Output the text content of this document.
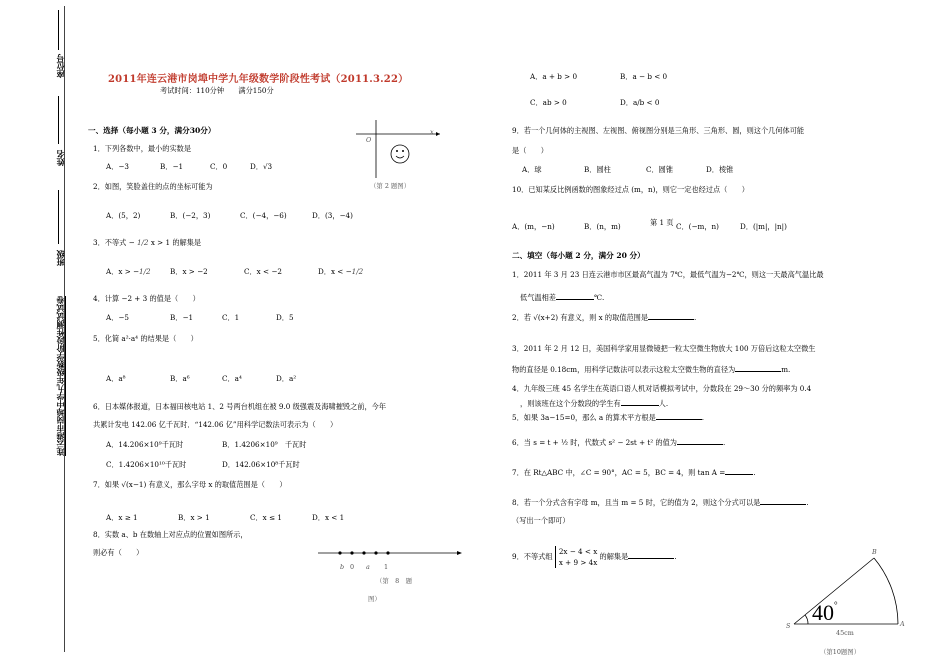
座位号
姓名
班级
连云港市岗埠中学九年级数学阶段性测试试卷
2011年连云港市岗埠中学九年级数学阶段性考试（2011.3.22）
考试时间：110分钟　　满分150分
一、选择（每小题 3 分，满分30分）
1．下列各数中，最小的实数是
A．−3	B．−1	C．0	D．√3
2．如图，笑脸盖住的点的坐标可能为
A．(5，2)	B．(−2，3)	C．(−4，−6)	D．(3，−4)
3．不等式 − 1/2 x > 1 的解集是
A．x > −1/2	B．x > −2	C．x < −2	D．x < −1/2
4．计算 −2 + 3 的值是（　　）
A．−5	B．−1	C．1	D．5
5．化简 a²·a⁴ 的结果是（　　）
A．a⁸	B．a⁶	C．a⁴	D．a²
6．日本媒体报道，日本福田核电站 1、2 号两台机组在被 9.0 级强震及海啸摧毁之前，今年
共累计发电 142.06 亿千瓦时．“142.06 亿”用科学记数法可表示为（　　）
A．14.206×10⁹千瓦时	B．1.4206×10⁹　千瓦时
C．1.4206×10¹⁰千瓦时	D．142.06×10⁸千瓦时
7．如果 √(x−1) 有意义，那么字母 x 的取值范围是（　　）
A．x ≥ 1	B．x > 1	C．x ≤ 1	D．x < 1
8．实数 a、b 在数轴上对应点的位置如图所示，
则必有（　　）
x
O
（第 2 题图）
b 0 a 1
（第　8　题
图）
A．a + b > 0	B．a − b < 0
C．ab > 0	D．a/b < 0
9．若一个几何体的主视图、左视图、俯视图分别是三角形、三角形、圆，则这个几何体可能
是（　　）
A．球	B．圆柱	C．圆锥	D．棱锥
10．已知某反比例函数的图象经过点 (m，n)，则它一定也经过点（　　）
A．(m，−n)	B．(n，m)	C．(−m，n)	D．(|m|，|n|)
第 1 页
二、填空（每小题 2 分，满分 20 分）
1．2011 年 3 月 23 日连云港市市区最高气温为 7℃，最低气温为−2℃，则这一天最高气温比最
低气温相差	℃.
2．若 √(x+2) 有意义，则 x 的取值范围是	.
3．2011 年 2 月 12 日，美国科学家用显微镜把一粒太空微生物放大 100 万倍后这粒太空微生
物的直径是 0.18cm，用科学记数法可以表示这粒太空微生物的直径为	m.
4．九年级三班 45 名学生在英语口语人机对话模拟考试中，分数段在 29～30 分的频率为 0.4
，则该班在这个分数段的学生有	人.
5．如果 3a−15=0，那么 a 的算术平方根是	.
6．当 s = t + ½ 时，代数式 s² − 2st + t² 的值为	.
7．在 Rt△ABC 中，∠C = 90°，AC = 5，BC = 4，则 tan A =	.
8．若一个分式含有字母 m，且当 m = 5 时，它的值为 2，则这个分式可以是	.
（写出一个即可）
9．不等式组 2x − 4 < x
x + 9 > 4x 的解集是	.
40°
B
S	A
45cm
（第10题图）
